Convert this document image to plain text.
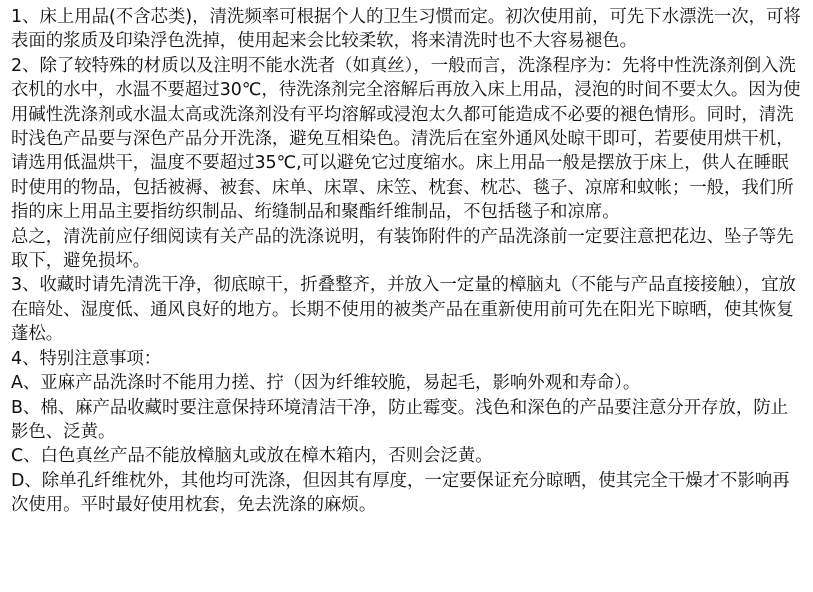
1、床上用品(不含芯类)，清洗频率可根据个人的卫生习惯而定。初次使用前，可先下水漂洗一次，可将表面的浆质及印染浮色洗掉，使用起来会比较柔软，将来清洗时也不大容易褪色。

2、除了较特殊的材质以及注明不能水洗者（如真丝），一般而言，洗涤程序为：先将中性洗涤剂倒入洗衣机的水中，水温不要超过30℃，待洗涤剂完全溶解后再放入床上用品，浸泡的时间不要太久。因为使用碱性洗涤剂或水温太高或洗涤剂没有平均溶解或浸泡太久都可能造成不必要的褪色情形。同时，清洗时浅色产品要与深色产品分开洗涤，避免互相染色。清洗后在室外通风处晾干即可，若要使用烘干机，请选用低温烘干，温度不要超过35℃,可以避免它过度缩水。床上用品一般是摆放于床上，供人在睡眠时使用的物品，包括被褥、被套、床单、床罩、床笠、枕套、枕芯、毯子、凉席和蚊帐；一般，我们所指的床上用品主要指纺织制品、绗缝制品和聚酯纤维制品，不包括毯子和凉席。

总之，清洗前应仔细阅读有关产品的洗涤说明，有装饰附件的产品洗涤前一定要注意把花边、坠子等先取下，避免损坏。

3、收藏时请先清洗干净，彻底晾干，折叠整齐，并放入一定量的樟脑丸（不能与产品直接接触），宜放在暗处、湿度低、通风良好的地方。长期不使用的被类产品在重新使用前可先在阳光下晾晒，使其恢复蓬松。

4、特别注意事项：

A、亚麻产品洗涤时不能用力搓、拧（因为纤维较脆，易起毛，影响外观和寿命）。

B、棉、麻产品收藏时要注意保持环境清洁干净，防止霉变。浅色和深色的产品要注意分开存放，防止影色、泛黄。

C、白色真丝产品不能放樟脑丸或放在樟木箱内，否则会泛黄。

D、除单孔纤维枕外，其他均可洗涤，但因其有厚度，一定要保证充分晾晒，使其完全干燥才不影响再次使用。平时最好使用枕套，免去洗涤的麻烦。
